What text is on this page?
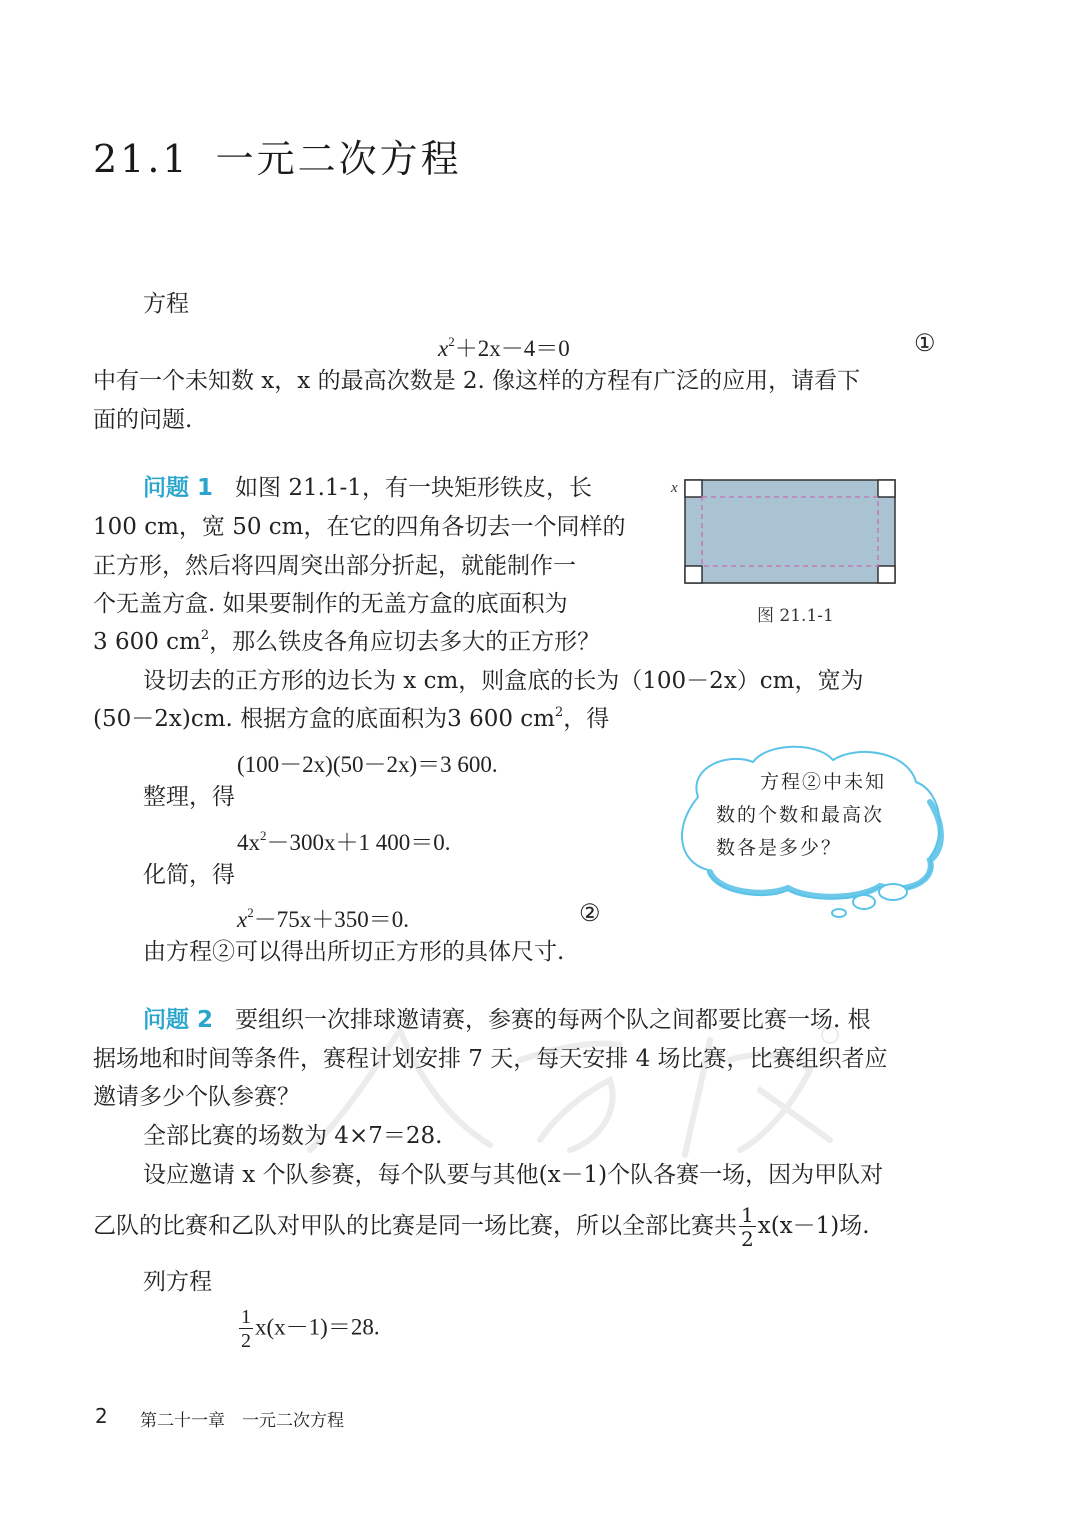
21.1 一元二次方程
方程
$x^2+2x-4=0$	①
中有一个未知数 x，x 的最高次数是 2. 像这样的方程有广泛的应用，请看下
面的问题.
问题 1 如图 21.1-1，有一块矩形铁皮，长
100 cm，宽 50 cm，在它的四角各切去一个同样的
正方形，然后将四周突出部分折起，就能制作一
个无盖方盒. 如果要制作的无盖方盒的底面积为
3 600 $cm^2$，那么铁皮各角应切去多大的正方形？
x
图 21.1-1
设切去的正方形的边长为 x cm，则盒底的长为（100－2x）cm，宽为
(50－2x)cm. 根据方盒的底面积为3 600 $cm^2$，得
(100－2x)(50－2x)＝3 600.
整理，得
$4x^2-300x+1$ 400＝0.
化简，得
$x^2-75x+350=0$.	②
由方程②可以得出所切正方形的具体尺寸.
方程②中未知
数的个数和最高次
数各是多少？
问题 2 要组织一次排球邀请赛，参赛的每两个队之间都要比赛一场. 根
据场地和时间等条件，赛程计划安排 7 天，每天安排 4 场比赛，比赛组织者应
邀请多少个队参赛？
全部比赛的场数为 4×7＝28.
设应邀请 x 个队参赛，每个队要与其他(x－1)个队各赛一场，因为甲队对
乙队的比赛和乙队对甲队的比赛是同一场比赛，所以全部比赛共 $\frac{1}{2} x(x-1)$场.
列方程
$\frac{1}{2} x(x-1)=28$.
2 第二十一章　一元二次方程
